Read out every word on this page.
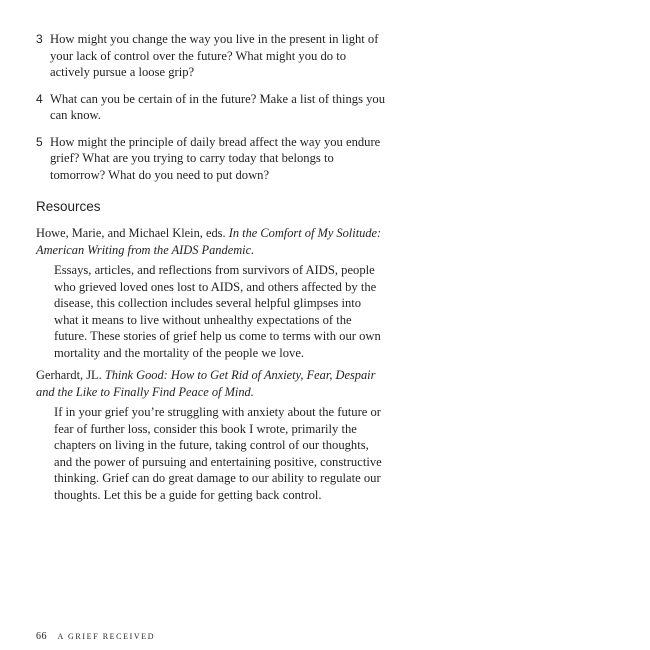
3 How might you change the way you live in the present in light of your lack of control over the future? What might you do to actively pursue a loose grip?
4 What can you be certain of in the future? Make a list of things you can know.
5 How might the principle of daily bread affect the way you endure grief? What are you trying to carry today that belongs to tomorrow? What do you need to put down?
Resources
Howe, Marie, and Michael Klein, eds. In the Comfort of My Solitude: American Writing from the AIDS Pandemic.
Essays, articles, and reflections from survivors of AIDS, people who grieved loved ones lost to AIDS, and others affected by the disease, this collection includes several helpful glimpses into what it means to live without unhealthy expectations of the future. These stories of grief help us come to terms with our own mortality and the mortality of the people we love.
Gerhardt, JL. Think Good: How to Get Rid of Anxiety, Fear, Despair and the Like to Finally Find Peace of Mind.
If in your grief you’re struggling with anxiety about the future or fear of further loss, consider this book I wrote, primarily the chapters on living in the future, taking control of our thoughts, and the power of pursuing and entertaining positive, constructive thinking. Grief can do great damage to our ability to regulate our thoughts. Let this be a guide for getting back control.
66 A GRIEF RECEIVED
